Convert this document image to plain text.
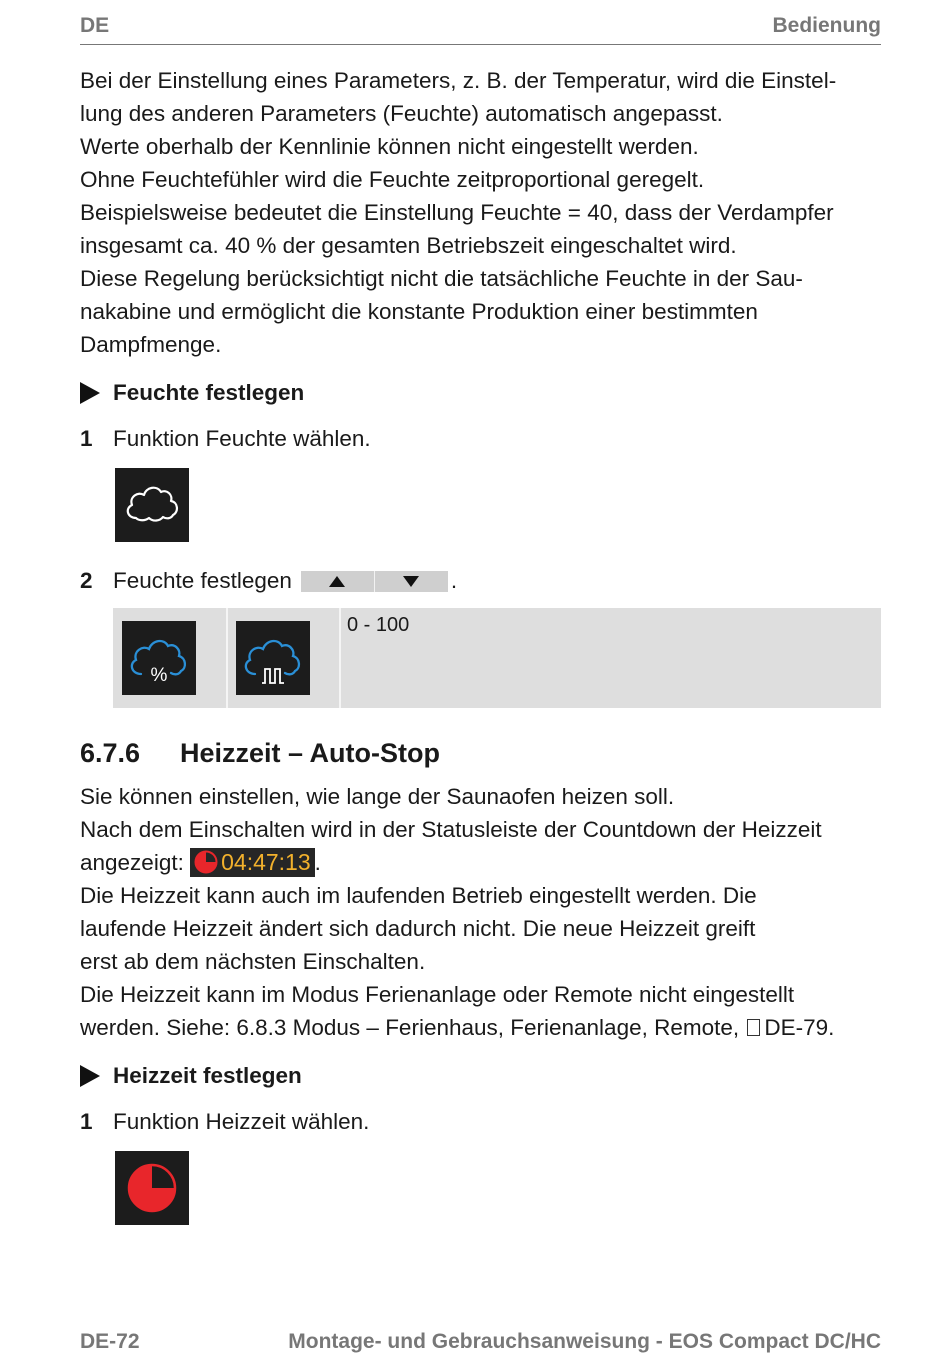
DE	Bedienung

Bei der Einstellung eines Parameters, z. B. der Temperatur, wird die Einstel-

lung des anderen Parameters (Feuchte) automatisch angepasst.

Werte oberhalb der Kennlinie können nicht eingestellt werden.

Ohne Feuchtefühler wird die Feuchte zeitproportional geregelt.

Beispielsweise bedeutet die Einstellung Feuchte = 40, dass der Verdampfer

insgesamt ca. 40 % der gesamten Betriebszeit eingeschaltet wird.

Diese Regelung berücksichtigt nicht die tatsächliche Feuchte in der Sau-

nakabine und ermöglicht die konstante Produktion einer bestimmten

Dampfmenge.

Feuchte festlegen
1 Funktion Feuchte wählen.
2 Feuchte festlegen	.
%
0 - 100
6.7.6 Heizzeit – Auto-Stop

Sie können einstellen, wie lange der Saunaofen heizen soll.

Nach dem Einschalten wird in der Statusleiste der Countdown der Heizzeit

angezeigt: 04:47:13 .

Die Heizzeit kann auch im laufenden Betrieb eingestellt werden. Die

laufende Heizzeit ändert sich dadurch nicht. Die neue Heizzeit greift

erst ab dem nächsten Einschalten.

Die Heizzeit kann im Modus Ferienanlage oder Remote nicht eingestellt

werden. Siehe: 6.8.3 Modus – Ferienhaus, Ferienanlage, Remote, DE-79.

Heizzeit festlegen
1 Funktion Heizzeit wählen.
DE-72	Montage- und Gebrauchsanweisung - EOS Compact DC/HC
